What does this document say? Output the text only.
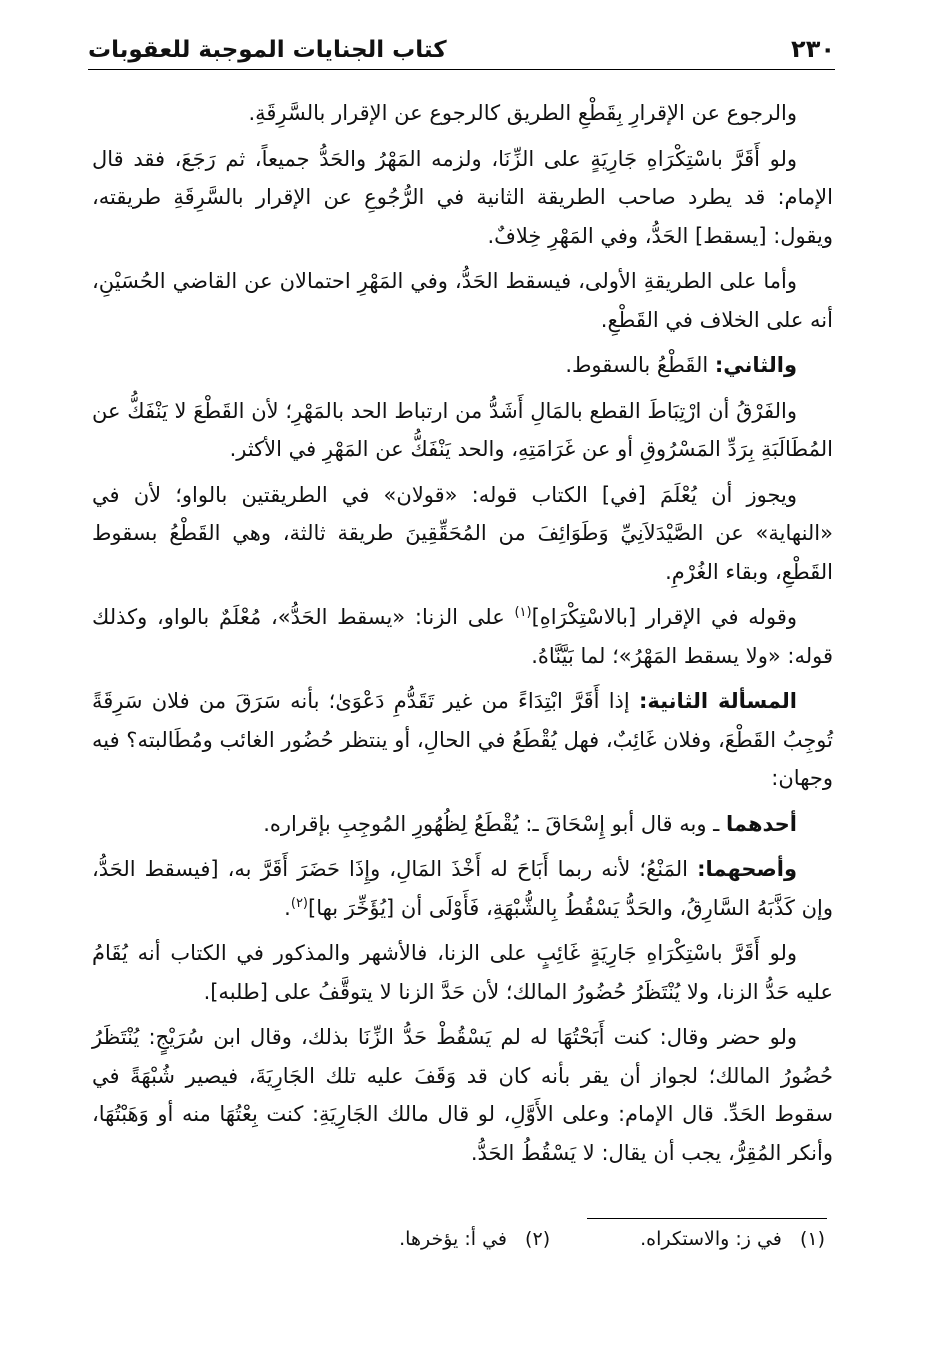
٢٣٠
كتاب الجنايات الموجبة للعقوبات

والرجوع عن الإقرارِ بِقَطْعِ الطريق كالرجوع عن الإقرار بالسَّرِقَةِ.

ولو أَقَرَّ باسْتِكْرَاهِ جَارِيَةٍ على الزِّنَا، ولزمه المَهْرُ والحَدُّ جميعاً، ثم رَجَعَ، فقد قال الإمام: قد يطرد صاحب الطريقة الثانية في الرُّجُوعِ عن الإقرار بالسَّرِقَةِ طريقته، ويقول: [يسقط] الحَدُّ، وفي المَهْرِ خِلافٌ.

وأما على الطريقةِ الأولى، فيسقط الحَدُّ، وفي المَهْرِ احتمالان عن القاضي الحُسَيْنِ، أنه على الخلاف في القَطْعِ.

والثاني: القَطْعُ بالسقوط.

والفَرْقُ أن ارْتِبَاطَ القطع بالمَالِ أَشَدُّ من ارتباط الحد بالمَهْرِ؛ لأن القَطْعَ لا يَنْفَكُّ عن المُطَالَبَةِ بِرَدِّ المَسْرُوقِ أو عن غَرَامَتِهِ، والحد يَنْفَكُّ عن المَهْرِ في الأكثر.

ويجوز أن يُعْلَمَ [في] الكتاب قوله: «قولان» في الطريقتين بالواو؛ لأن في «النهاية» عن الصَّيْدَلاَنِيِّ وَطَوَائِفَ من المُحَقِّقِينَ طريقة ثالثة، وهي القَطْعُ بسقوط القَطْعِ، وبقاء الغُرْمِ.

وقوله في الإقرار [بالاسْتِكْرَاهِ]$^{(١)}$ على الزنا: «يسقط الحَدُّ»، مُعْلَمٌ بالواو، وكذلك قوله: «ولا يسقط المَهْرُ»؛ لما بَيَّنَّاهُ.

المسألة الثانية: إذا أَقَرَّ ابْتِدَاءً من غير تَقَدُّمِ دَعْوَىٰ؛ بأنه سَرَقَ من فلان سَرِقَةً تُوجِبُ القَطْعَ، وفلان غَائِبٌ، فهل يُقْطَعُ في الحالِ، أو ينتظر حُضُور الغائب ومُطَالبته؟ فيه وجهان:

أحدهما ـ وبه قال أبو إِسْحَاقَ ـ: يُقْطَعُ لِظُهُورِ المُوجِبِ بإقراره.

وأصحهما: المَنْعُ؛ لأنه ربما أَبَاحَ له أَخْذَ المَالِ، وإِذَا حَضَرَ أَقَرَّ به، [فيسقط الحَدُّ، وإن كَذَّبَهُ السَّارِقُ، والحَدُّ يَسْقُطُ بِالشُّبْهَةِ، فَأَوْلَى أن [يُؤَخِّرَ بها]$^{(٢)}$.

ولو أَقَرَّ باسْتِكْرَاهِ جَارِيَةٍ غَائِبٍ على الزنا، فالأشهر والمذكور في الكتاب أنه يُقَامُ عليه حَدُّ الزنا، ولا يُنْتَظَرُ حُضُورُ المالك؛ لأن حَدَّ الزنا لا يتوقَّفُ على [طلبه].

ولو حضر وقال: كنت أَبَحْتُهَا له لم يَسْقُطْ حَدُّ الزِّنَا بذلك، وقال ابن سُرَيْجٍ: يُنْتَظَرُ حُضُورُ المالك؛ لجواز أن يقر بأنه كان قد وَقَفَ عليه تلك الجَارِيَةَ، فيصير شُبْهَةً في سقوط الحَدِّ. قال الإمام: وعلى الأَوَّلِ، لو قال مالك الجَارِيَةِ: كنت بِعْتُهَا منه أو وَهَبْتُهَا، وأنكر المُقِرُّ، يجب أن يقال: لا يَسْقُطُ الحَدُّ.

(١) في ز: والاستكراه.
(٢) في أ: يؤخرها.
